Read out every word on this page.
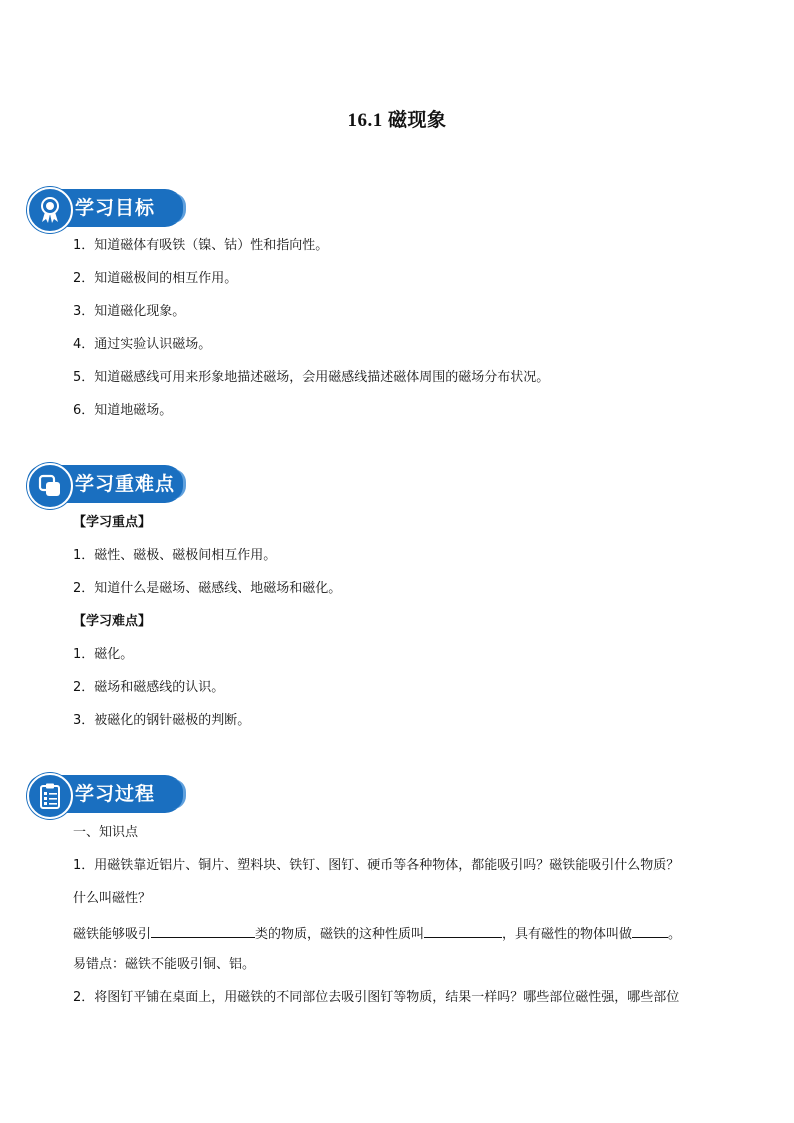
16.1 磁现象
学习目标
1．知道磁体有吸铁（镍、钴）性和指向性。
2．知道磁极间的相互作用。
3．知道磁化现象。
4．通过实验认识磁场。
5．知道磁感线可用来形象地描述磁场，会用磁感线描述磁体周围的磁场分布状况。
6．知道地磁场。
学习重难点
【学习重点】
1．磁性、磁极、磁极间相互作用。
2．知道什么是磁场、磁感线、地磁场和磁化。
【学习难点】
1．磁化。
2．磁场和磁感线的认识。
3．被磁化的钢针磁极的判断。
学习过程
一、知识点
1．用磁铁靠近铝片、铜片、塑料块、铁钉、图钉、硬币等各种物体，都能吸引吗？磁铁能吸引什么物质？
什么叫磁性？
磁铁能够吸引	类的物质，磁铁的这种性质叫	，具有磁性的物体叫做	。
易错点：磁铁不能吸引铜、铝。
2．将图钉平铺在桌面上，用磁铁的不同部位去吸引图钉等物质，结果一样吗？哪些部位磁性强，哪些部位
